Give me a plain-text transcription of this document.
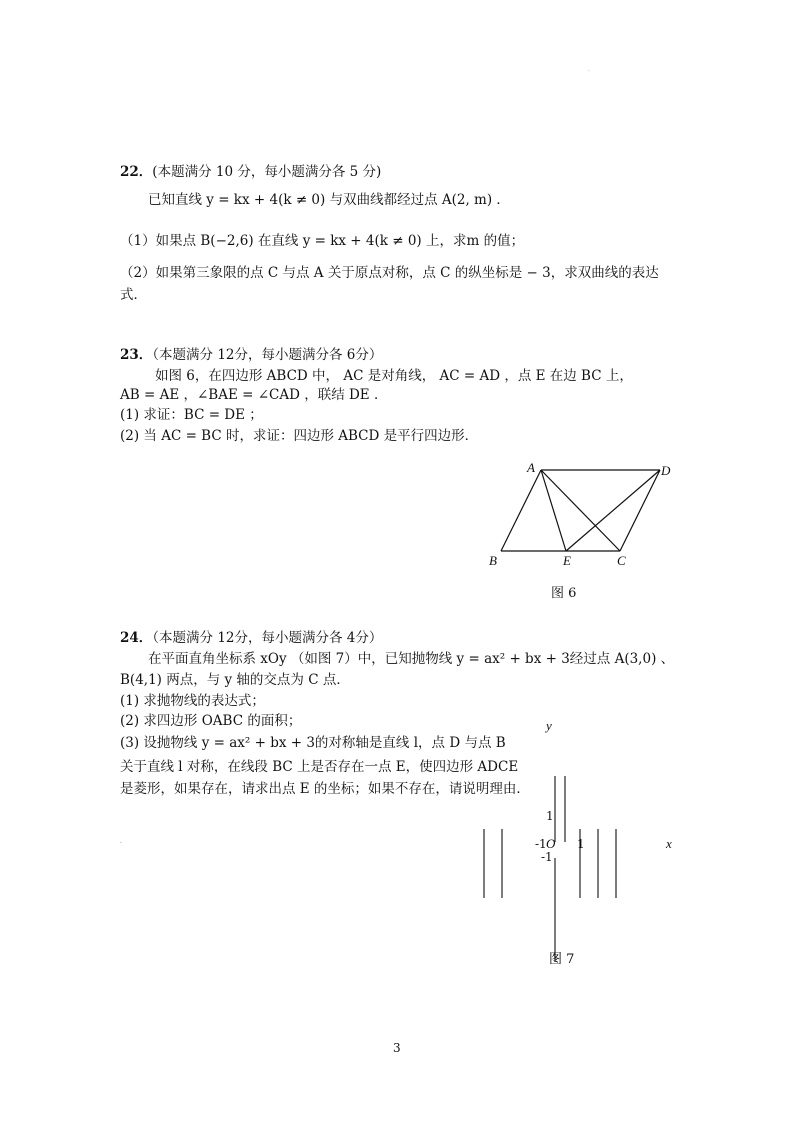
.
22．(本题满分 10 分，每小题满分各 5 分)
已知直线 y = kx + 4(k ≠ 0) 与双曲线都经过点 A(2, m) ．
（1）如果点 B(−2,6) 在直线 y = kx + 4(k ≠ 0) 上，求m 的值；
（2）如果第三象限的点 C 与点 A 关于原点对称，点 C 的纵坐标是 − 3，求双曲线的表达
式．
23．（本题满分 12分，每小题满分各 6分）
如图 6，在四边形 ABCD 中， AC 是对角线， AC = AD ，点 E 在边 BC 上，
AB = AE ，∠BAE = ∠CAD ，联结 DE ．
(1) 求证：BC = DE ；
(2) 当 AC = BC 时，求证：四边形 ABCD 是平行四边形．
A	D
B	E	C
图 6
24．（本题满分 12分，每小题满分各 4分）
在平面直角坐标系 xOy （如图 7）中，已知抛物线 y = ax² + bx + 3经过点 A(3,0) 、
B(4,1) 两点，与 y 轴的交点为 C 点．
(1) 求抛物线的表达式；
(2) 求四边形 OABC 的面积；
(3) 设抛物线 y = ax² + bx + 3的对称轴是直线 l，点 D 与点 B
关于直线 l 对称，在线段 BC 上是否存在一点 E，使四边形 ADCE
是菱形，如果存在，请求出点 E 的坐标；如果不存在，请说明理由．
.
y
x
1
-1 O 1
-1
图 7
3
